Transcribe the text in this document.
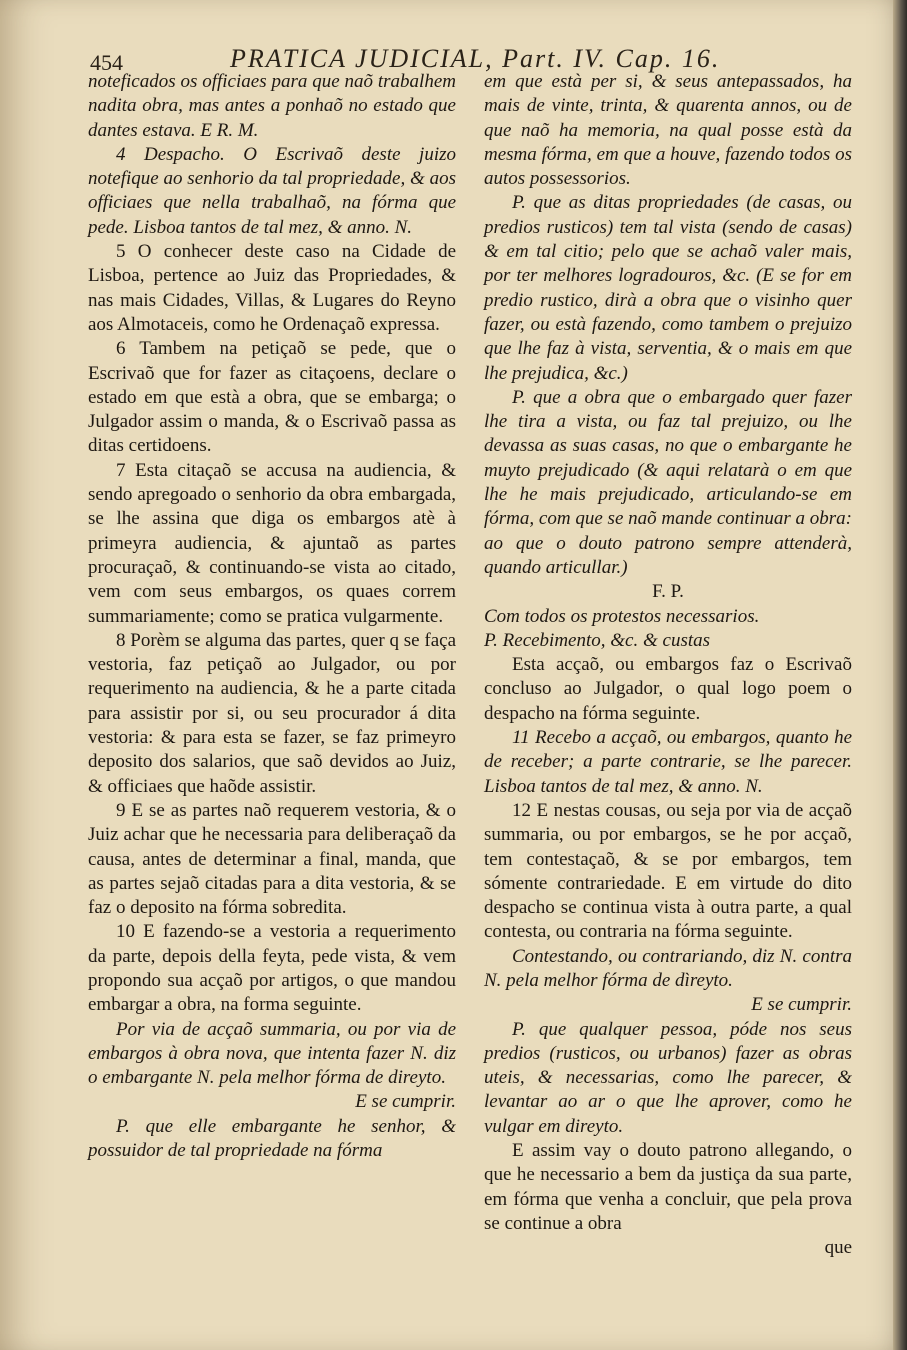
454	PRATICA JUDICIAL, Part. IV. Cap. 16.

noteficados os officiaes para que naõ trabalhem nadita obra, mas antes a ponhaõ no estado que dantes estava. E R. M.

4 Despacho. O Escrivaõ deste juizo notefique ao senhorio da tal propriedade, & aos officiaes que nella trabalhaõ, na fórma que pede. Lisboa tantos de tal mez, & anno. N.

5 O conhecer deste caso na Cidade de Lisboa, pertence ao Juiz das Propriedades, & nas mais Cidades, Villas, & Lugares do Reyno aos Almotaceis, como he Ordenaçaõ expressa.

6 Tambem na petiçaõ se pede, que o Escrivaõ que for fazer as citaçoens, declare o estado em que està a obra, que se embarga; o Julgador assim o manda, & o Escrivaõ passa as ditas certidoens.

7 Esta citaçaõ se accusa na audiencia, & sendo apregoado o senhorio da obra embargada, se lhe assina que diga os embargos atè à primeyra audiencia, & ajuntaõ as partes procuraçaõ, & continuando-se vista ao citado, vem com seus embargos, os quaes correm summariamente; como se pratica vulgarmente.

8 Porèm se alguma das partes, quer q se faça vestoria, faz petiçaõ ao Julgador, ou por requerimento na audiencia, & he a parte citada para assistir por si, ou seu procurador á dita vestoria: & para esta se fazer, se faz primeyro deposito dos salarios, que saõ devidos ao Juiz, & officiaes que haõde assistir.

9 E se as partes naõ requerem vestoria, & o Juiz achar que he necessaria para deliberaçaõ da causa, antes de determinar a final, manda, que as partes sejaõ citadas para a dita vestoria, & se faz o deposito na fórma sobredita.

10 E fazendo-se a vestoria a requerimento da parte, depois della feyta, pede vista, & vem propondo sua acçaõ por artigos, o que mandou embargar a obra, na forma seguinte.

Por via de acçaõ summaria, ou por via de embargos à obra nova, que intenta fazer N. diz o embargante N. pela melhor fórma de direyto.

E se cumprir.

P. que elle embargante he senhor, & possuidor de tal propriedade na fórma

em que està per si, & seus antepassados, ha mais de vinte, trinta, & quarenta annos, ou de que naõ ha memoria, na qual posse està da mesma fórma, em que a houve, fazendo todos os autos possessorios.

P. que as ditas propriedades (de casas, ou predios rusticos) tem tal vista (sendo de casas) & em tal citio; pelo que se achaõ valer mais, por ter melhores logradouros, &c. (E se for em predio rustico, dirà a obra que o visinho quer fazer, ou està fazendo, como tambem o prejuizo que lhe faz à vista, serventia, & o mais em que lhe prejudica, &c.)

P. que a obra que o embargado quer fazer lhe tira a vista, ou faz tal prejuizo, ou lhe devassa as suas casas, no que o embargante he muyto prejudicado (& aqui relatarà o em que lhe he mais prejudicado, articulando-se em fórma, com que se naõ mande continuar a obra: ao que o douto patrono sempre attenderà, quando articullar.)

F. P.

Com todos os protestos necessarios.

P. Recebimento, &c. & custas

Esta acçaõ, ou embargos faz o Escrivaõ concluso ao Julgador, o qual logo poem o despacho na fórma seguinte.

11 Recebo a acçaõ, ou embargos, quanto he de receber; a parte contrarie, se lhe parecer. Lisboa tantos de tal mez, & anno. N.

12 E nestas cousas, ou seja por via de acçaõ summaria, ou por embargos, se he por acçaõ, tem contestaçaõ, & se por embargos, tem sómente contrariedade. E em virtude do dito despacho se continua vista à outra parte, a qual contesta, ou contraria na fórma seguinte.

Contestando, ou contrariando, diz N. contra N. pela melhor fórma de dìreyto.

E se cumprir.

P. que qualquer pessoa, póde nos seus predios (rusticos, ou urbanos) fazer as obras uteis, & necessarias, como lhe parecer, & levantar ao ar o que lhe aprover, como he vulgar em direyto.

E assim vay o douto patrono allegando, o que he necessario a bem da justiça da sua parte, em fórma que venha a concluir, que pela prova se continue a obra

que
